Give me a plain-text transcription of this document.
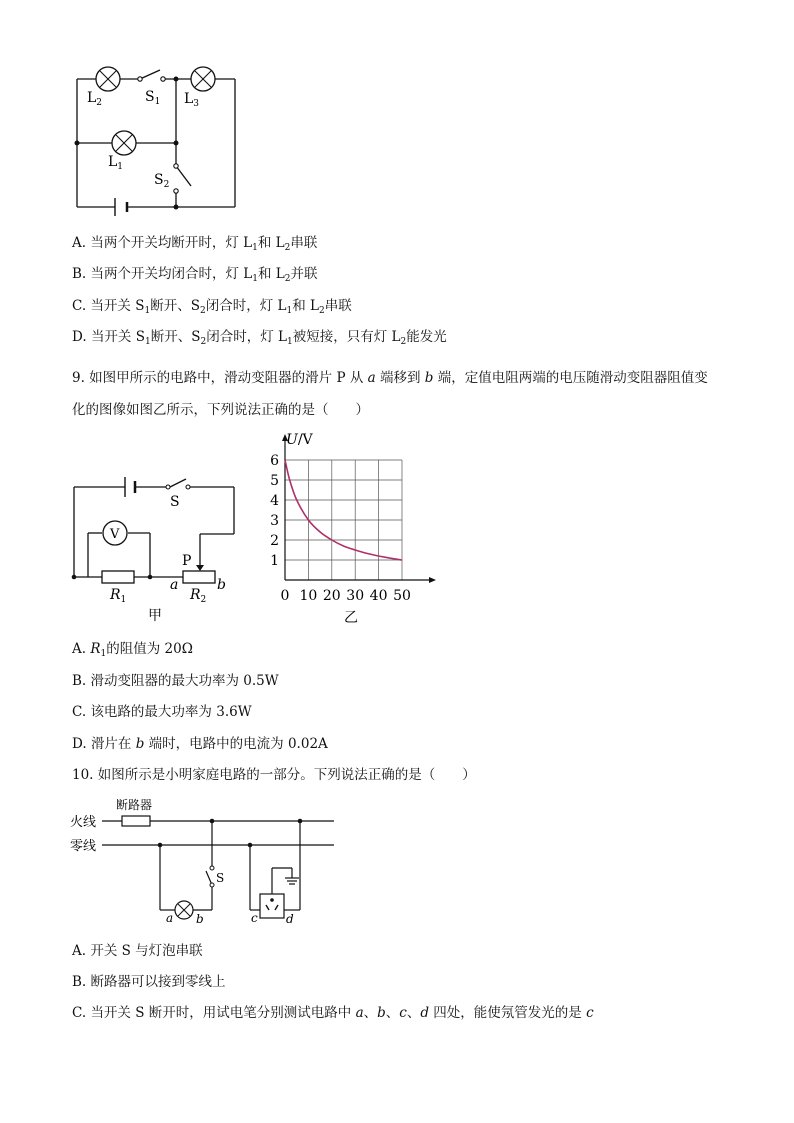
$L_2$	$S_1$ $L_3$
$L_1$
$S_2$
A. 当两个开关均断开时，灯 $L_1$和 $L_2$串联
B. 当两个开关均闭合时，灯 $L_1$和 $L_2$并联
C. 当开关 $S_1$断开、$S_2$闭合时，灯 $L_1$和 $L_2$串联
D. 当开关 $S_1$断开、$S_2$闭合时，灯 $L_1$被短接，只有灯 $L_2$能发光
9. 如图甲所示的电路中，滑动变阻器的滑片 P 从 a 端移到 b 端，定值电阻两端的电压随滑动变阻器阻值变
化的图像如图乙所示，下列说法正确的是（　　）
S
V
P
a	b
$R_1$	$R_2$
甲
0 10 20 30 40 50
1
2
3
4
5
6
U/V
乙
A. $R_1$的阻值为 20Ω
B. 滑动变阻器的最大功率为 0.5W
C. 该电路的最大功率为 3.6W
D. 滑片在 b 端时，电路中的电流为 0.02A
10. 如图所示是小明家庭电路的一部分。下列说法正确的是（　　）
断路器
火线
零线
S
a b	c d
A. 开关 S 与灯泡串联
B. 断路器可以接到零线上
C. 当开关 S 断开时，用试电笔分别测试电路中 a、b、c、d 四处，能使氖管发光的是 c
